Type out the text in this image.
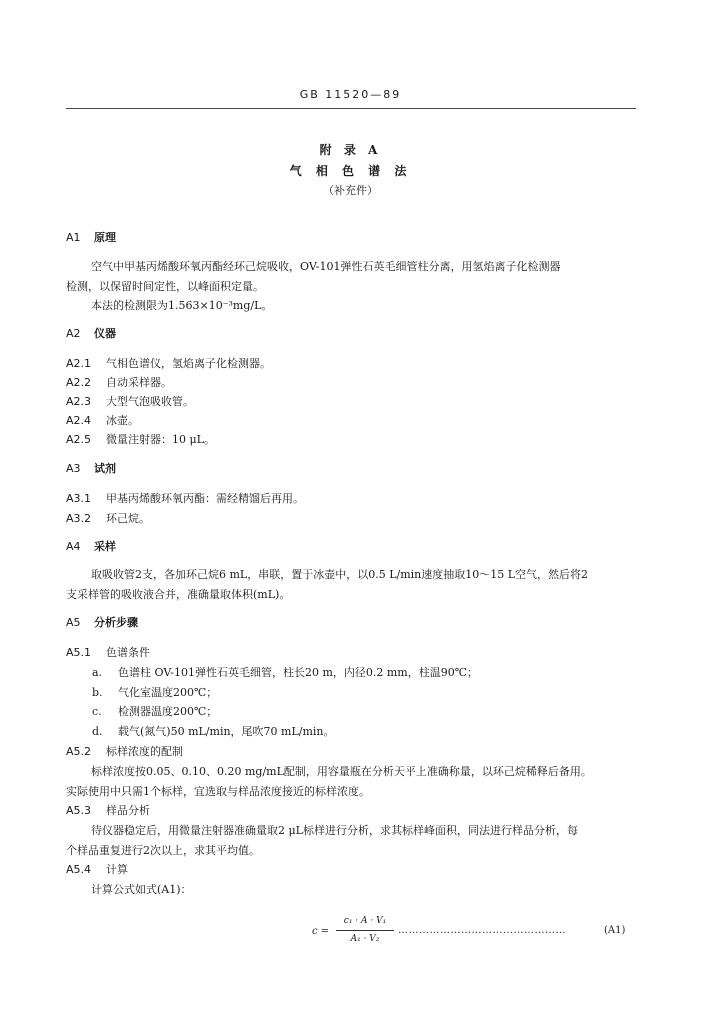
GB 11520—89
附 录 A
气 相 色 谱 法
（补充件）
A1 原理
空气中甲基丙烯酸环氧丙酯经环己烷吸收，OV-101弹性石英毛细管柱分离，用氢焰离子化检测器
检测，以保留时间定性，以峰面积定量。
本法的检测限为1.563×10⁻³mg/L。
A2 仪器
A2.1 气相色谱仪，氢焰离子化检测器。
A2.2 自动采样器。
A2.3 大型气泡吸收管。
A2.4 冰壶。
A2.5 微量注射器：10 μL。
A3 试剂
A3.1 甲基丙烯酸环氧丙酯：需经精馏后再用。
A3.2 环己烷。
A4 采样
取吸收管2支，各加环己烷6 mL，串联，置于冰壶中，以0.5 L/min速度抽取10～15 L空气，然后将2
支采样管的吸收液合并，准确量取体积(mL)。
A5 分析步骤
A5.1 色谱条件
a. 色谱柱 OV-101弹性石英毛细管，柱长20 m，内径0.2 mm，柱温90℃；
b. 气化室温度200℃；
c. 检测器温度200℃；
d. 载气(氮气)50 mL/min，尾吹70 mL/min。
A5.2 标样浓度的配制
标样浓度按0.05、0.10、0.20 mg/mL配制，用容量瓶在分析天平上准确称量，以环己烷稀释后备用。
实际使用中只需1个标样，宜选取与样品浓度接近的标样浓度。
A5.3 样品分析
待仪器稳定后，用微量注射器准确量取2 μL标样进行分析，求其标样峰面积，同法进行样品分析，每
个样品重复进行2次以上，求其平均值。
A5.4 计算
计算公式如式(A1)：
c =
c₁ · A · V₁
A₁ · V₂
…………………………………………	(A1)
